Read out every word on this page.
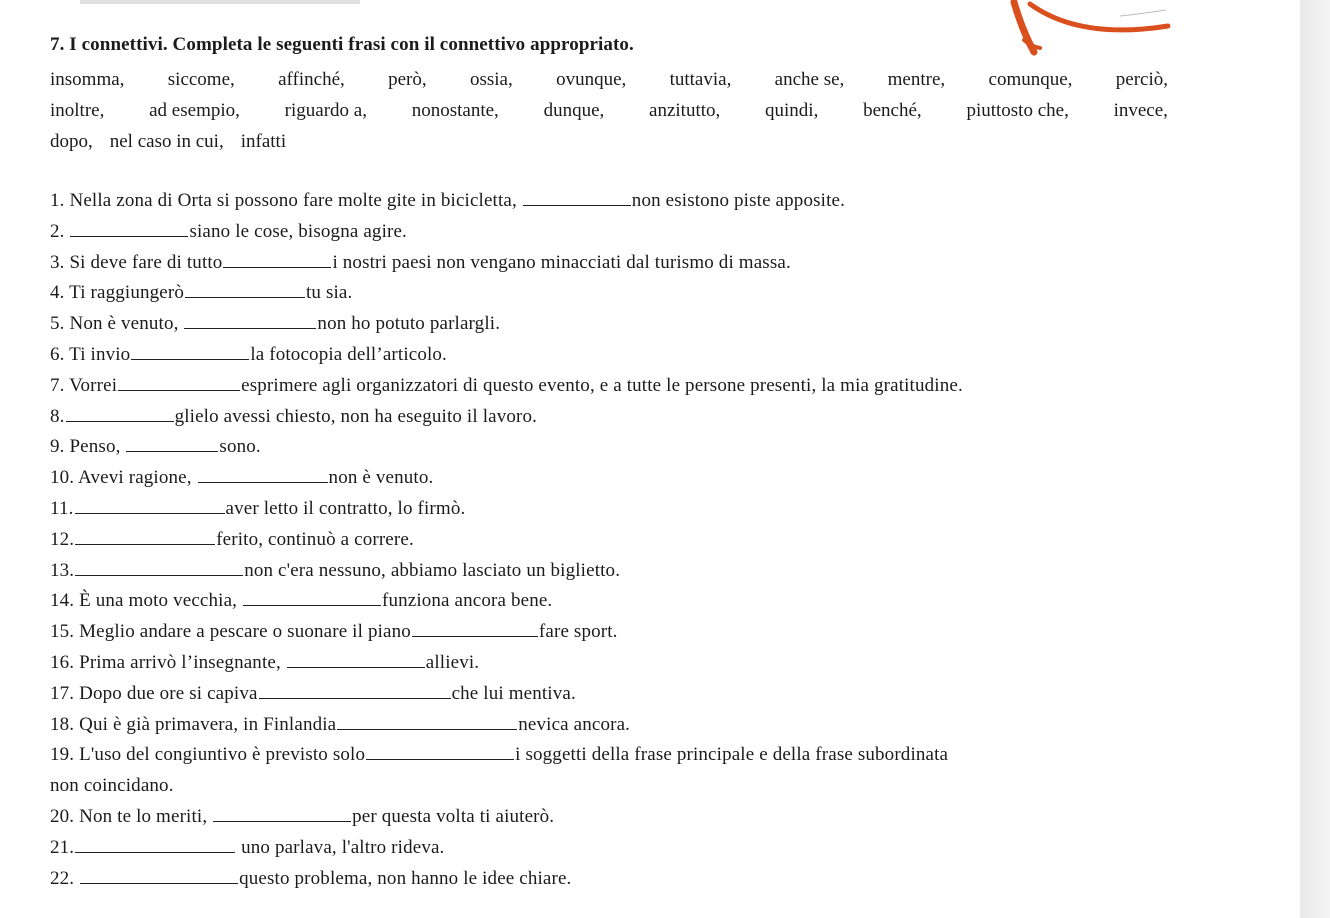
7. I connettivi. Completa le seguenti frasi con il connettivo appropriato.
insomma, siccome, affinché, però, ossia, ovunque, tuttavia, anche se, mentre, comunque, perciò,
inoltre, ad esempio, riguardo a, nonostante, dunque, anzitutto, quindi, benché, piuttosto che, invece,
dopo, nel caso in cui, infatti
1. Nella zona di Orta si possono fare molte gite in bicicletta,	non esistono piste apposite.
2.	siano le cose, bisogna agire.
3. Si deve fare di tutto	i nostri paesi non vengano minacciati dal turismo di massa.
4. Ti raggiungerò	tu sia.
5. Non è venuto,	non ho potuto parlargli.
6. Ti invio	la fotocopia dell’articolo.
7. Vorrei	esprimere agli organizzatori di questo evento, e a tutte le persone presenti, la mia gratitudine.
8.	glielo avessi chiesto, non ha eseguito il lavoro.
9. Penso,	sono.
10. Avevi ragione,	non è venuto.
11.	aver letto il contratto, lo firmò.
12.	ferito, continuò a correre.
13.	non c'era nessuno, abbiamo lasciato un biglietto.
14. È una moto vecchia,	funziona ancora bene.
15. Meglio andare a pescare o suonare il piano	fare sport.
16. Prima arrivò l’insegnante,	allievi.
17. Dopo due ore si capiva	che lui mentiva.
18. Qui è già primavera, in Finlandia	nevica ancora.
19. L'uso del congiuntivo è previsto solo	i soggetti della frase principale e della frase subordinata
non coincidano.
20. Non te lo meriti,	per questa volta ti aiuterò.
21.	uno parlava, l'altro rideva.
22.	questo problema, non hanno le idee chiare.
